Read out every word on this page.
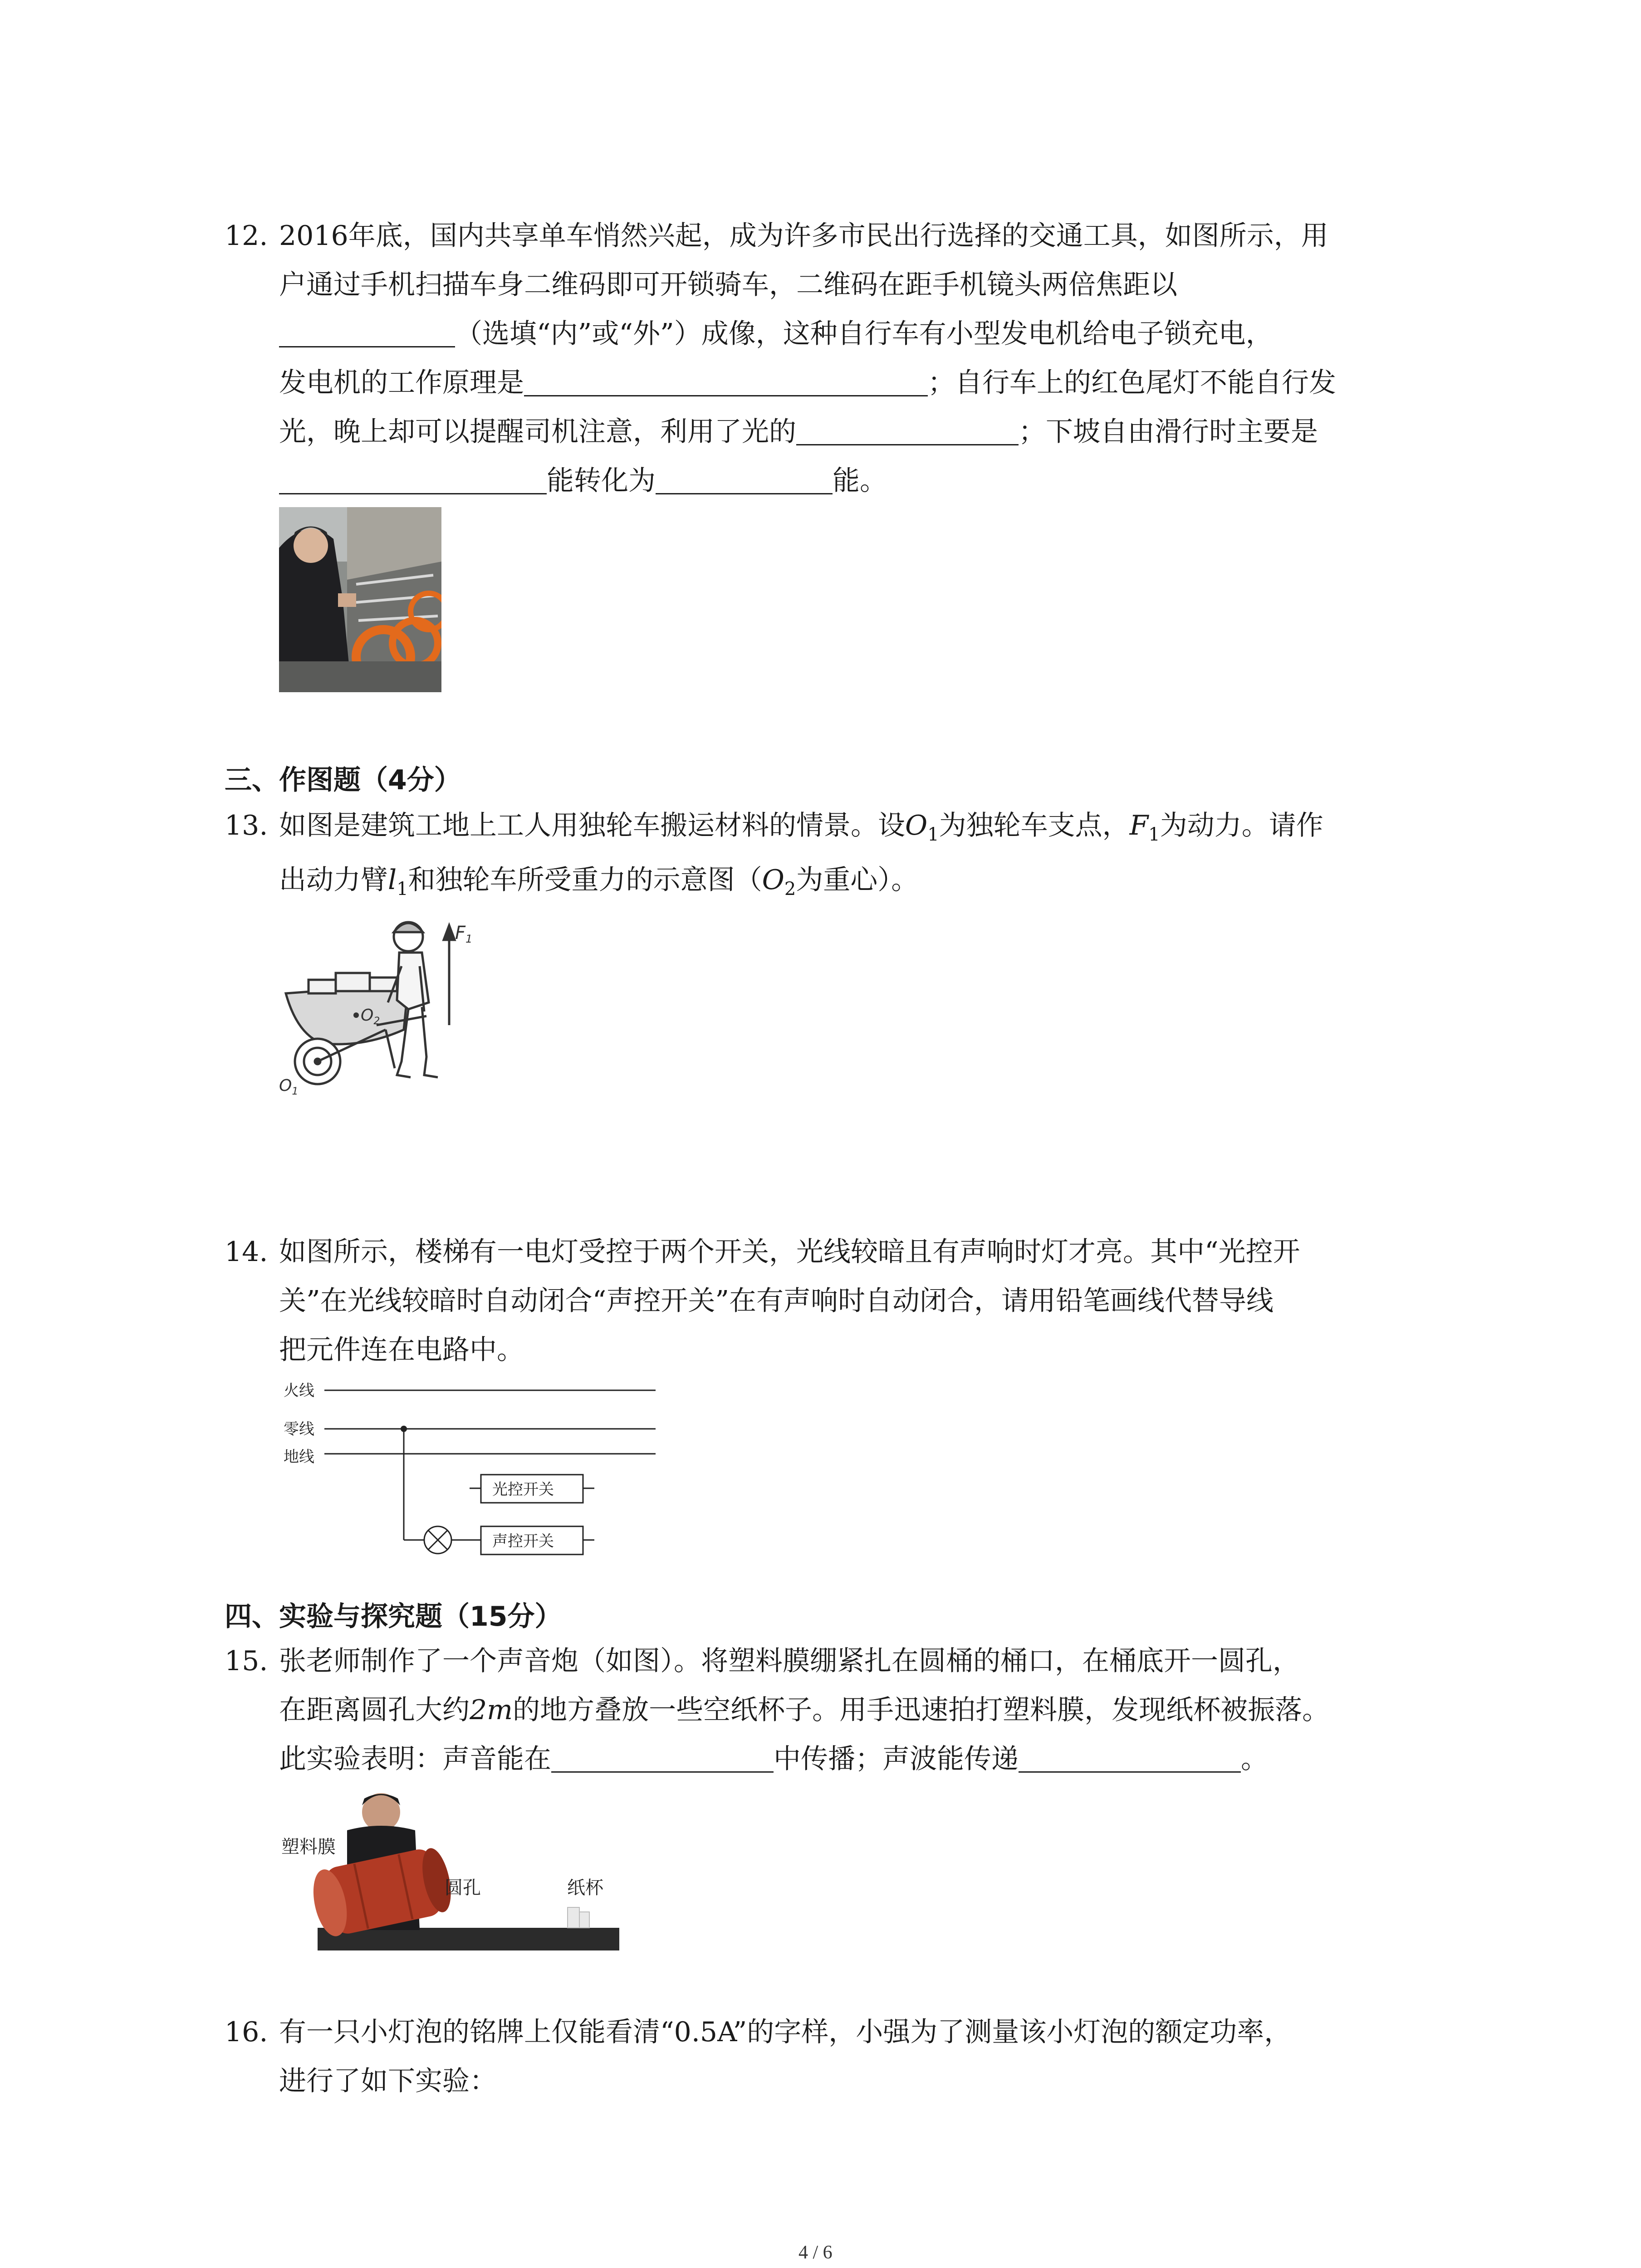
12. 2016年底，国内共享单车悄然兴起，成为许多市民出行选择的交通工具，如图所示，用
户通过手机扫描车身二维码即可开锁骑车，二维码在距手机镜头两倍焦距以
（选填“内”或“外”）成像，这种自行车有小型发电机给电子锁充电，
发电机的工作原理是	；自行车上的红色尾灯不能自行发
光，晚上却可以提醒司机注意，利用了光的	；下坡自由滑行时主要是
能转化为	能。
三、作图题（4分）
13. 如图是建筑工地上工人用独轮车搬运材料的情景。设$O_1$为独轮车支点，$F_1$为动力。请作
出动力臂$l_1$和独轮车所受重力的示意图（$O_2$为重心）。
$F_1$
$O_2$
$O_1$
14. 如图所示，楼梯有一电灯受控于两个开关，光线较暗且有声响时灯才亮。其中“光控开
关”在光线较暗时自动闭合“声控开关”在有声响时自动闭合，请用铅笔画线代替导线
把元件连在电路中。
火线
零线
地线
光控开关
声控开关
四、实验与探究题（15分）
15. 张老师制作了一个声音炮（如图）。将塑料膜绷紧扎在圆桶的桶口，在桶底开一圆孔，
在距离圆孔大约2m的地方叠放一些空纸杯子。用手迅速拍打塑料膜，发现纸杯被振落。
此实验表明：声音能在	中传播；声波能传递	。
塑料膜
圆孔	纸杯
16. 有一只小灯泡的铭牌上仅能看清“0.5A”的字样，小强为了测量该小灯泡的额定功率，
进行了如下实验：
4 / 6
